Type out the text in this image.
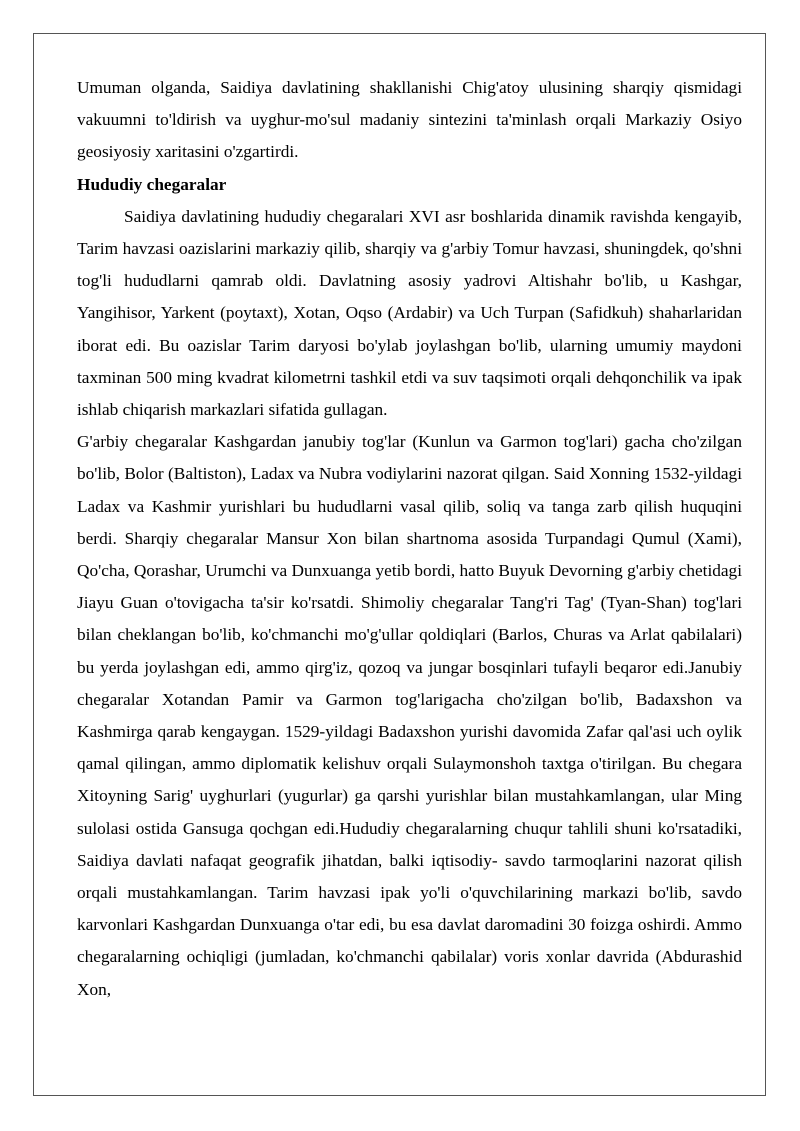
Umuman olganda, Saidiya davlatining shakllanishi Chig'atoy ulusining sharqiy qismidagi vakuumni to'ldirish va uyghur-mo'sul madaniy sintezini ta'minlash orqali Markaziy Osiyo geosiyosiy xaritasini o'zgartirdi.

Hududiy chegaralar

Saidiya davlatining hududiy chegaralari XVI asr boshlarida dinamik ravishda kengayib, Tarim havzasi oazislarini markaziy qilib, sharqiy va g'arbiy Tomur havzasi, shuningdek, qo'shni tog'li hududlarni qamrab oldi. Davlatning asosiy yadrovi Altishahr bo'lib, u Kashgar, Yangihisor, Yarkent (poytaxt), Xotan, Oqso (Ardabir) va Uch Turpan (Safidkuh) shaharlaridan iborat edi. Bu oazislar Tarim daryosi bo'ylab joylashgan bo'lib, ularning umumiy maydoni taxminan 500 ming kvadrat kilometrni tashkil etdi va suv taqsimoti orqali dehqonchilik va ipak ishlab chiqarish markazlari sifatida gullagan.

G'arbiy chegaralar Kashgardan janubiy tog'lar (Kunlun va Garmon tog'lari) gacha cho'zilgan bo'lib, Bolor (Baltiston), Ladax va Nubra vodiylarini nazorat qilgan. Said Xonning 1532-yildagi Ladax va Kashmir yurishlari bu hududlarni vasal qilib, soliq va tanga zarb qilish huquqini berdi. Sharqiy chegaralar Mansur Xon bilan shartnoma asosida Turpandagi Qumul (Xami), Qo'cha, Qorashar, Urumchi va Dunxuanga yetib bordi, hatto Buyuk Devorning g'arbiy chetidagi Jiayu Guan o'tovigacha ta'sir ko'rsatdi. Shimoliy chegaralar Tang'ri Tag' (Tyan-Shan) tog'lari bilan cheklangan bo'lib, ko'chmanchi mo'g'ullar qoldiqlari (Barlos, Churas va Arlat qabilalari) bu yerda joylashgan edi, ammo qirg'iz, qozoq va jungar bosqinlari tufayli beqaror edi.Janubiy chegaralar Xotandan Pamir va Garmon tog'larigacha cho'zilgan bo'lib, Badaxshon va Kashmirga qarab kengaygan. 1529-yildagi Badaxshon yurishi davomida Zafar qal'asi uch oylik qamal qilingan, ammo diplomatik kelishuv orqali Sulaymonshoh taxtga o'tirilgan. Bu chegara Xitoyning Sarig' uyghurlari (yugurlar) ga qarshi yurishlar bilan mustahkamlangan, ular Ming sulolasi ostida Gansuga qochgan edi.Hududiy chegaralarning chuqur tahlili shuni ko'rsatadiki, Saidiya davlati nafaqat geografik jihatdan, balki iqtisodiy- savdo tarmoqlarini nazorat qilish orqali mustahkamlangan. Tarim havzasi ipak yo'li o'quvchilarining markazi bo'lib, savdo karvonlari Kashgardan Dunxuanga o'tar edi, bu esa davlat daromadini 30 foizga oshirdi. Ammo chegaralarning ochiqligi (jumladan, ko'chmanchi qabilalar) voris xonlar davrida (Abdurashid Xon,
